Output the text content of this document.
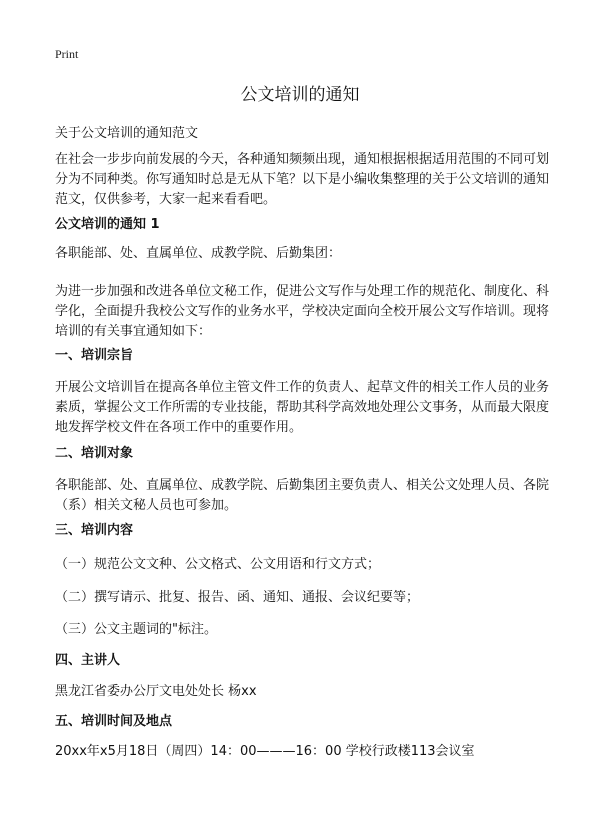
Print
公文培训的通知

关于公文培训的通知范文

在社会一步步向前发展的今天，各种通知频频出现，通知根据根据适用范围的不同可划分为不同种类。你写通知时总是无从下笔？以下是小编收集整理的关于公文培训的通知范文，仅供参考，大家一起来看看吧。

公文培训的通知 1

各职能部、处、直属单位、成教学院、后勤集团：

为进一步加强和改进各单位文秘工作，促进公文写作与处理工作的规范化、制度化、科学化，全面提升我校公文写作的业务水平，学校决定面向全校开展公文写作培训。现将培训的有关事宜通知如下：

一、培训宗旨

开展公文培训旨在提高各单位主管文件工作的负责人、起草文件的相关工作人员的业务素质，掌握公文工作所需的专业技能，帮助其科学高效地处理公文事务，从而最大限度地发挥学校文件在各项工作中的重要作用。

二、培训对象

各职能部、处、直属单位、成教学院、后勤集团主要负责人、相关公文处理人员、各院（系）相关文秘人员也可参加。

三、培训内容

（一）规范公文文种、公文格式、公文用语和行文方式；

（二）撰写请示、批复、报告、函、通知、通报、会议纪要等；

（三）公文主题词的"标注。

四、主讲人

黑龙江省委办公厅文电处处长 杨xx

五、培训时间及地点

20xx年x5月18日（周四）14：00———16：00 学校行政楼113会议室
